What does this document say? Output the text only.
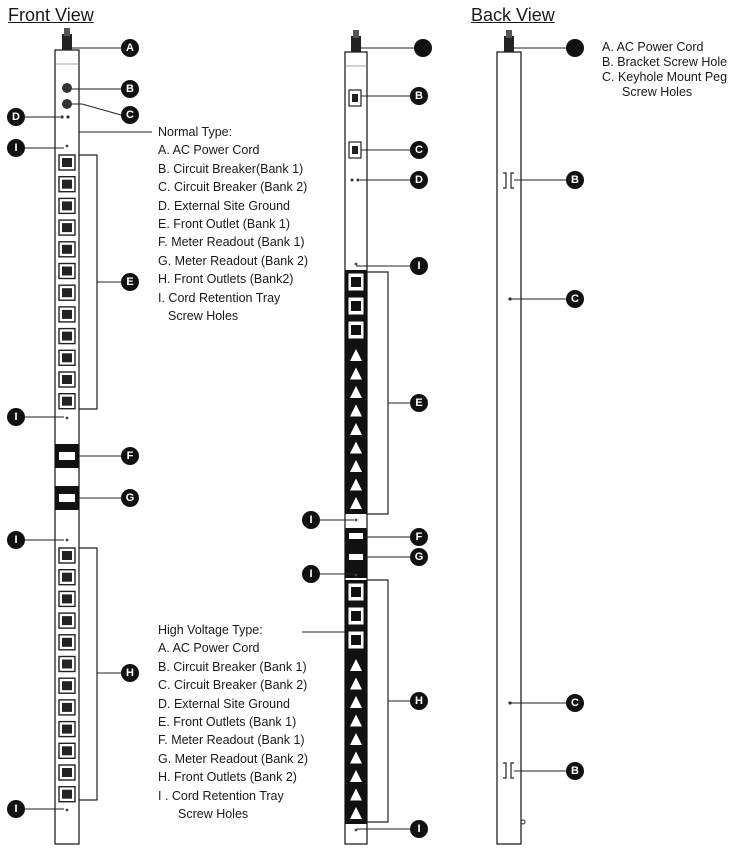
Front View	Back View
Normal Type:
A. AC Power Cord
B. Circuit Breaker(Bank 1)
C. Circuit Breaker (Bank 2)
D. External Site Ground
E. Front Outlet (Bank 1)
F. Meter Readout (Bank 1)
G. Meter Readout (Bank 2)
H. Front Outlets (Bank2)
I. Cord Retention Tray
Screw Holes
High Voltage Type:
A. AC Power Cord
B. Circuit Breaker (Bank 1)
C. Circuit Breaker (Bank 2)
D. External Site Ground
E. Front Outlets (Bank 1)
F. Meter Readout (Bank 1)
G. Meter Readout (Bank 2)
H. Front Outlets (Bank 2)
I . Cord Retention Tray
Screw Holes
A. AC Power Cord
B. Bracket Screw Hole
C. Keyhole Mount Peg
Screw Holes
A
B
C
D
I
E
I
F
G
I
H
I
B
C
D
I
E
I
F
G
I
H
I
B
C
C
B
